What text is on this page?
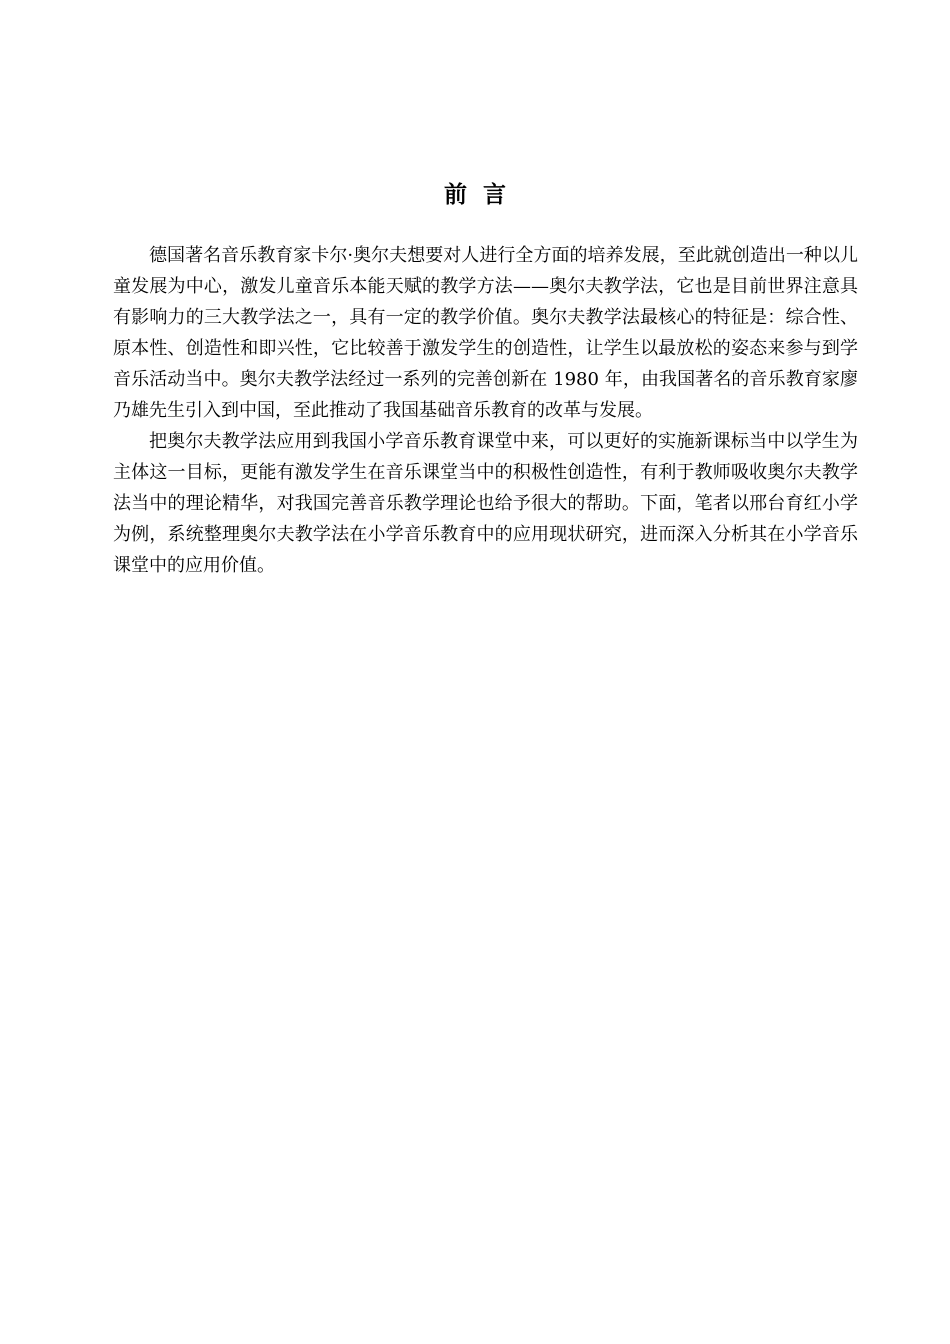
前言

德国著名音乐教育家卡尔·奥尔夫想要对人进行全方面的培养发展，至此就创造出一种以儿童发展为中心，激发儿童音乐本能天赋的教学方法——奥尔夫教学法，它也是目前世界注意具有影响力的三大教学法之一，具有一定的教学价值。奥尔夫教学法最核心的特征是：综合性、原本性、创造性和即兴性，它比较善于激发学生的创造性，让学生以最放松的姿态来参与到学音乐活动当中。奥尔夫教学法经过一系列的完善创新在 1980 年，由我国著名的音乐教育家廖乃雄先生引入到中国，至此推动了我国基础音乐教育的改革与发展。

把奥尔夫教学法应用到我国小学音乐教育课堂中来，可以更好的实施新课标当中以学生为主体这一目标，更能有激发学生在音乐课堂当中的积极性创造性，有利于教师吸收奥尔夫教学法当中的理论精华，对我国完善音乐教学理论也给予很大的帮助。下面，笔者以邢台育红小学为例，系统整理奥尔夫教学法在小学音乐教育中的应用现状研究，进而深入分析其在小学音乐课堂中的应用价值。
